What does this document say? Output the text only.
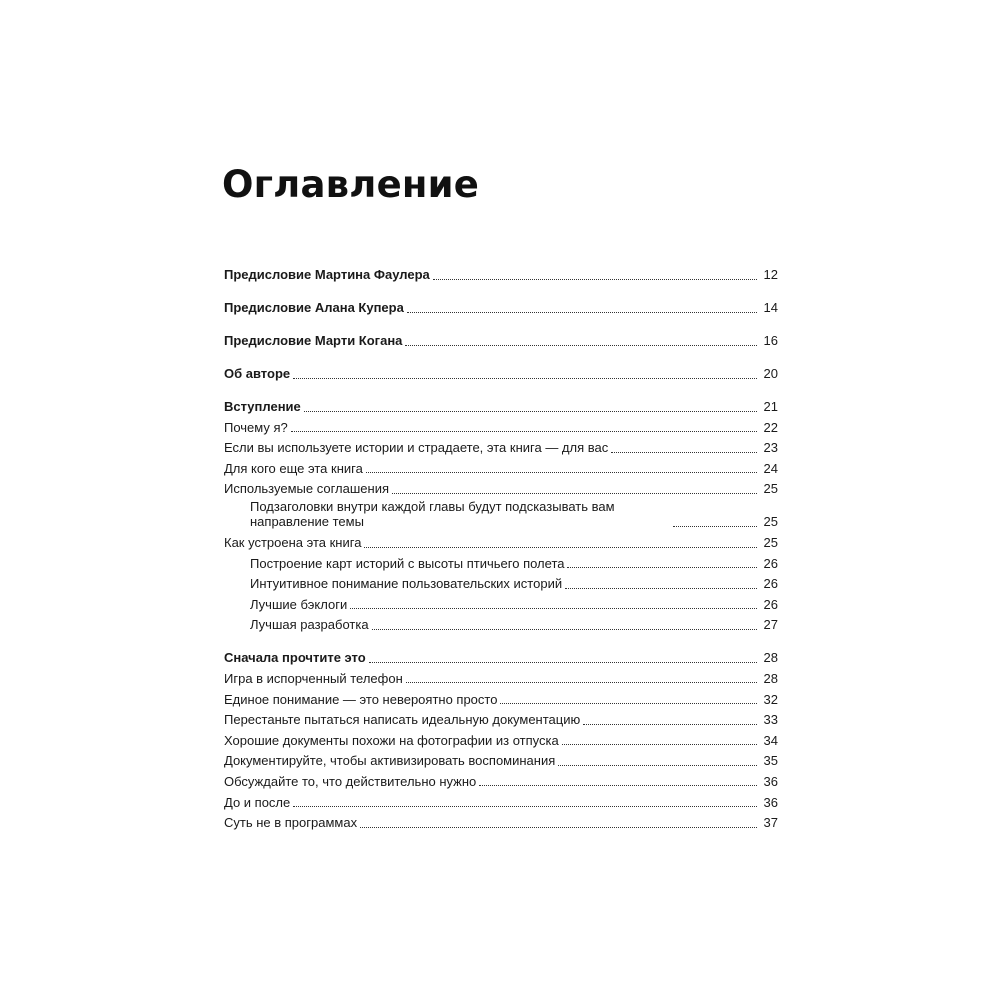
Оглавление
Предисловие Мартина Фаулера	12
Предисловие Алана Купера	14
Предисловие Марти Когана	16
Об авторе	20
Вступление	21
Почему я?	22
Если вы используете истории и страдаете, эта книга — для вас	23
Для кого еще эта книга	24
Используемые соглашения	25
Подзаголовки внутри каждой главы будут подсказывать вам направление темы	25
Как устроена эта книга	25
Построение карт историй с высоты птичьего полета	26
Интуитивное понимание пользовательских историй	26
Лучшие бэклоги	26
Лучшая разработка	27
Сначала прочтите это	28
Игра в испорченный телефон	28
Единое понимание — это невероятно просто	32
Перестаньте пытаться написать идеальную документацию	33
Хорошие документы похожи на фотографии из отпуска	34
Документируйте, чтобы активизировать воспоминания	35
Обсуждайте то, что действительно нужно	36
До и после	36
Суть не в программах	37
